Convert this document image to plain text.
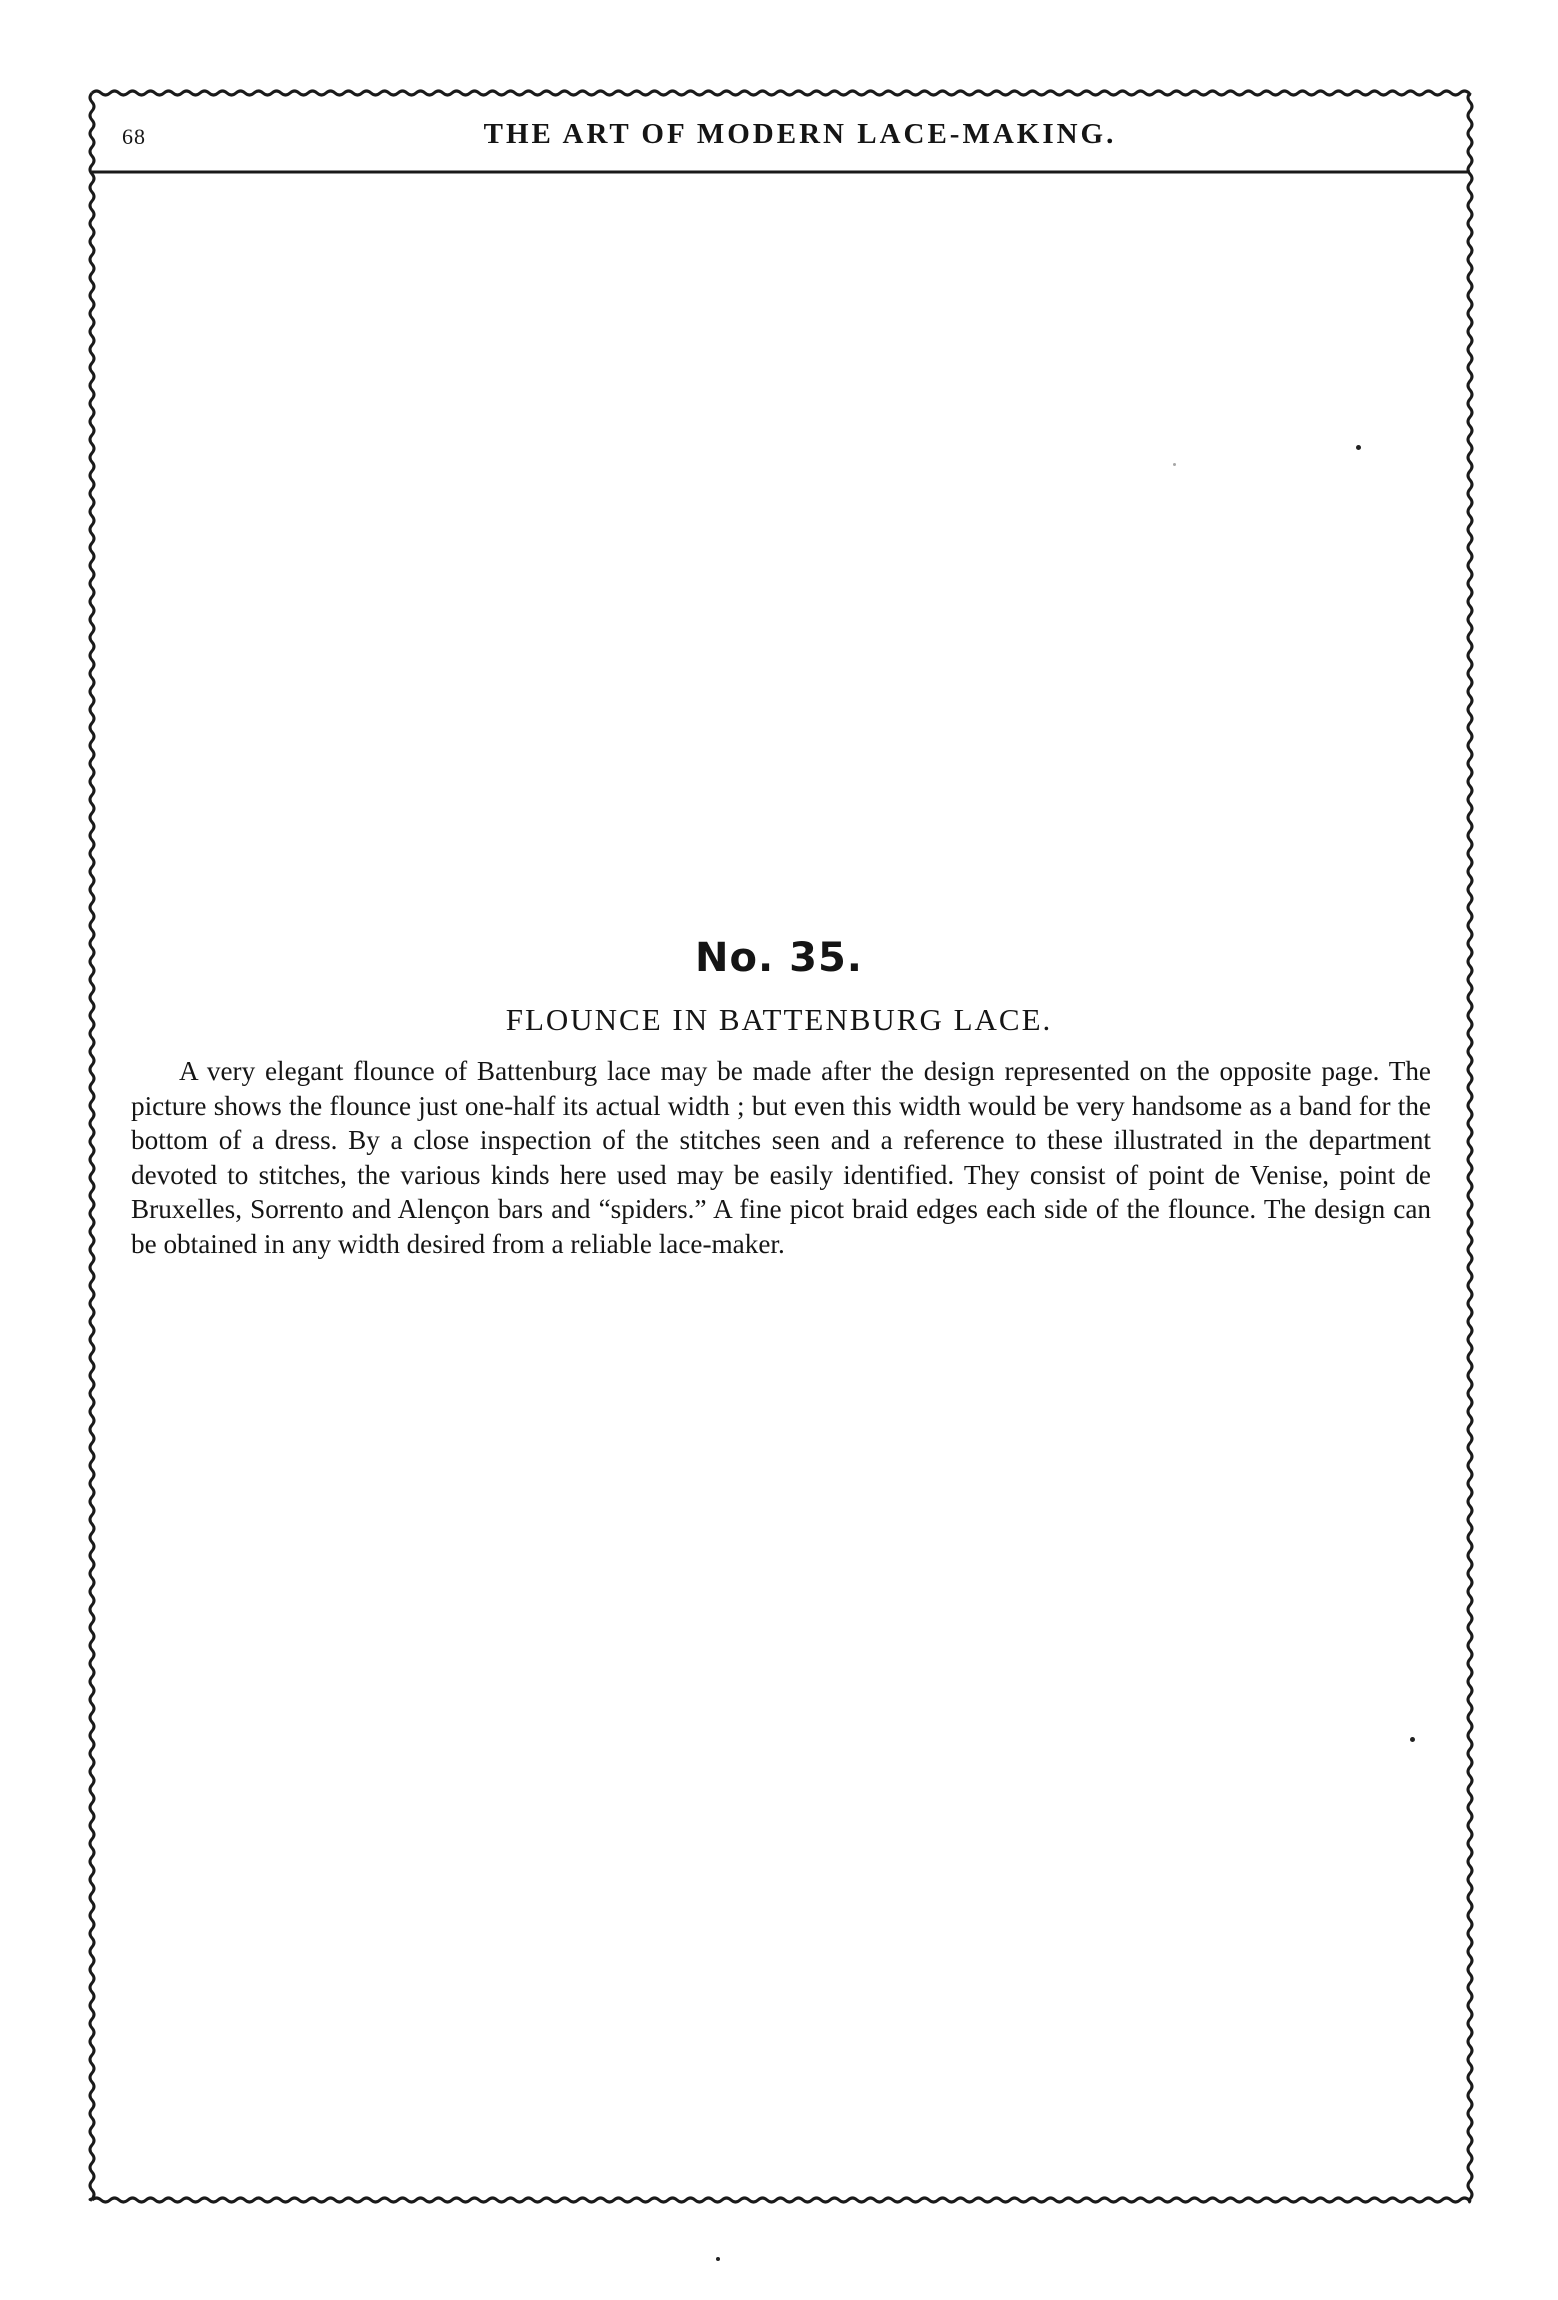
68	THE ART OF MODERN LACE-MAKING.
No. 35.
FLOUNCE IN BATTENBURG LACE.

A very elegant flounce of Battenburg lace may be made after the design represented on the opposite page. The picture shows the flounce just one-half its actual width ; but even this width would be very handsome as a band for the bottom of a dress. By a close inspection of the stitches seen and a reference to these illustrated in the department devoted to stitches, the various kinds here used may be easily identified. They consist of point de Venise, point de Bruxelles, Sorrento and Alençon bars and “spiders.” A fine picot braid edges each side of the flounce. The design can be obtained in any width desired from a reliable lace-maker.
